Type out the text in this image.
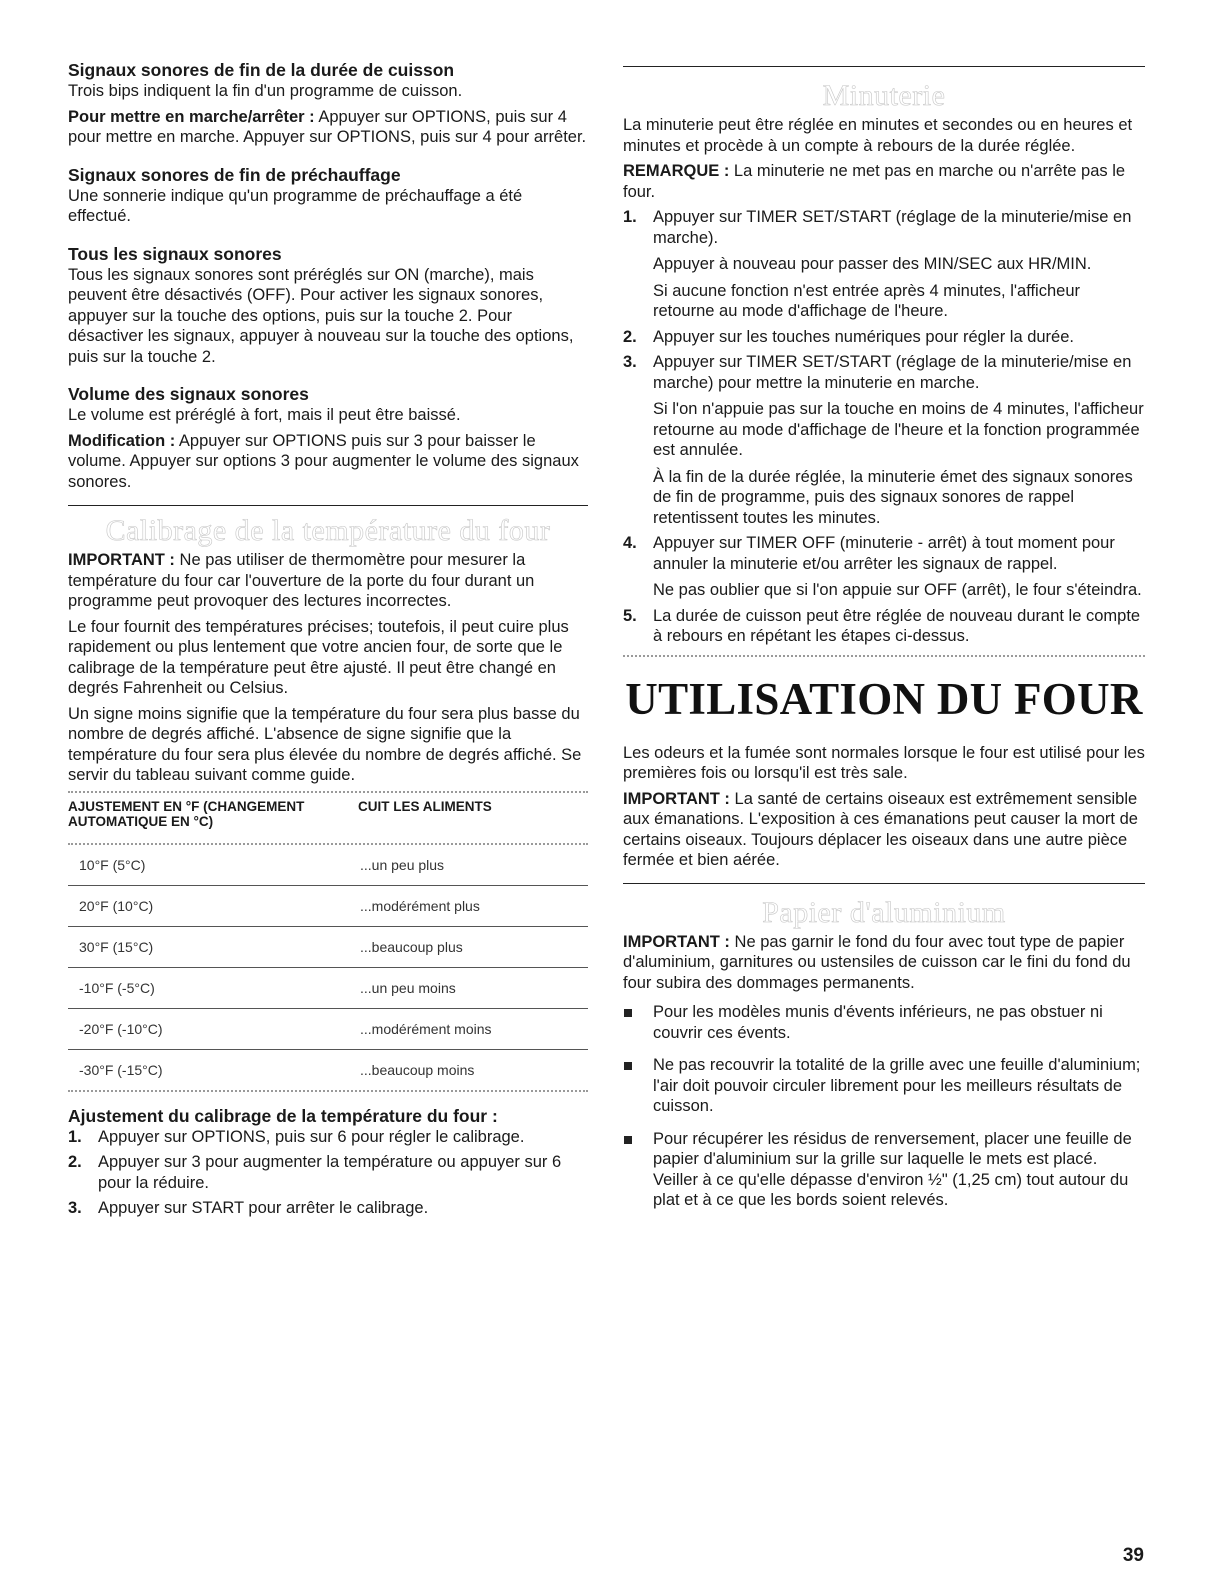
Signaux sonores de fin de la durée de cuisson

Trois bips indiquent la fin d'un programme de cuisson.

Pour mettre en marche/arrêter : Appuyer sur OPTIONS, puis sur 4 pour mettre en marche. Appuyer sur OPTIONS, puis sur 4 pour arrêter.

Signaux sonores de fin de préchauffage

Une sonnerie indique qu'un programme de préchauffage a été effectué.

Tous les signaux sonores

Tous les signaux sonores sont préréglés sur ON (marche), mais peuvent être désactivés (OFF). Pour activer les signaux sonores, appuyer sur la touche des options, puis sur la touche 2. Pour désactiver les signaux, appuyer à nouveau sur la touche des options, puis sur la touche 2.

Volume des signaux sonores

Le volume est préréglé à fort, mais il peut être baissé.

Modification : Appuyer sur OPTIONS puis sur 3 pour baisser le volume. Appuyer sur options 3 pour augmenter le volume des signaux sonores.

Calibrage de la température du four

IMPORTANT : Ne pas utiliser de thermomètre pour mesurer la température du four car l'ouverture de la porte du four durant un programme peut provoquer des lectures incorrectes.

Le four fournit des températures précises; toutefois, il peut cuire plus rapidement ou plus lentement que votre ancien four, de sorte que le calibrage de la température peut être ajusté. Il peut être changé en degrés Fahrenheit ou Celsius.

Un signe moins signifie que la température du four sera plus basse du nombre de degrés affiché. L'absence de signe signifie que la température du four sera plus élevée du nombre de degrés affiché. Se servir du tableau suivant comme guide.

AJUSTEMENT EN °F (CHANGEMENT AUTOMATIQUE EN °C)	CUIT LES ALIMENTS

10°F (5°C)	...un peu plus
20°F (10°C)	...modérément plus
30°F (15°C)	...beaucoup plus
-10°F (-5°C)	...un peu moins
-20°F (-10°C)	...modérément moins
-30°F (-15°C)	...beaucoup moins
Ajustement du calibrage de la température du four :
1. Appuyer sur OPTIONS, puis sur 6 pour régler le calibrage.
2. Appuyer sur 3 pour augmenter la température ou appuyer sur 6 pour la réduire.
3. Appuyer sur START pour arrêter le calibrage.
Minuterie

La minuterie peut être réglée en minutes et secondes ou en heures et minutes et procède à un compte à rebours de la durée réglée.

REMARQUE : La minuterie ne met pas en marche ou n'arrête pas le four.

1. Appuyer sur TIMER SET/START (réglage de la minuterie/mise en marche).

Appuyer à nouveau pour passer des MIN/SEC aux HR/MIN.

Si aucune fonction n'est entrée après 4 minutes, l'afficheur retourne au mode d'affichage de l'heure.

2. Appuyer sur les touches numériques pour régler la durée.
3. Appuyer sur TIMER SET/START (réglage de la minuterie/mise en marche) pour mettre la minuterie en marche.

Si l'on n'appuie pas sur la touche en moins de 4 minutes, l'afficheur retourne au mode d'affichage de l'heure et la fonction programmée est annulée.

À la fin de la durée réglée, la minuterie émet des signaux sonores de fin de programme, puis des signaux sonores de rappel retentissent toutes les minutes.

4. Appuyer sur TIMER OFF (minuterie - arrêt) à tout moment pour annuler la minuterie et/ou arrêter les signaux de rappel.

Ne pas oublier que si l'on appuie sur OFF (arrêt), le four s'éteindra.

5. La durée de cuisson peut être réglée de nouveau durant le compte à rebours en répétant les étapes ci-dessus.
UTILISATION DU FOUR

Les odeurs et la fumée sont normales lorsque le four est utilisé pour les premières fois ou lorsqu'il est très sale.

IMPORTANT : La santé de certains oiseaux est extrêmement sensible aux émanations. L'exposition à ces émanations peut causer la mort de certains oiseaux. Toujours déplacer les oiseaux dans une autre pièce fermée et bien aérée.

Papier d'aluminium

IMPORTANT : Ne pas garnir le fond du four avec tout type de papier d'aluminium, garnitures ou ustensiles de cuisson car le fini du fond du four subira des dommages permanents.

Pour les modèles munis d'évents inférieurs, ne pas obstuer ni couvrir ces évents.
Ne pas recouvrir la totalité de la grille avec une feuille d'aluminium; l'air doit pouvoir circuler librement pour les meilleurs résultats de cuisson.
Pour récupérer les résidus de renversement, placer une feuille de papier d'aluminium sur la grille sur laquelle le mets est placé. Veiller à ce qu'elle dépasse d'environ ½" (1,25 cm) tout autour du plat et à ce que les bords soient relevés.
39
